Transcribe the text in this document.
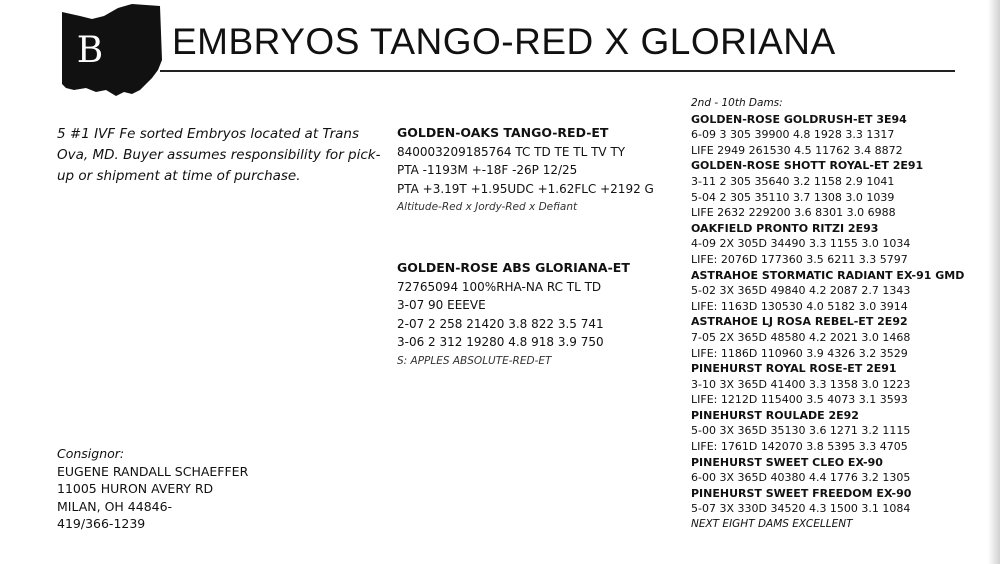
B	EMBRYOS TANGO-RED X GLORIANA
5 #1 IVF Fe sorted Embryos located at Trans Ova, MD. Buyer assumes responsibility for pick-up or shipment at time of purchase.
Consignor:
EUGENE RANDALL SCHAEFFER
11005 HURON AVERY RD
MILAN, OH 44846-
419/366-1239
GOLDEN-OAKS TANGO-RED-ET
840003209185764 TC TD TE TL TV TY
PTA -1193M +-18F -26P 12/25
PTA +3.19T +1.95UDC +1.62FLC +2192 G
Altitude-Red x Jordy-Red x Defiant
GOLDEN-ROSE ABS GLORIANA-ET
72765094 100%RHA-NA RC TL TD
3-07 90 EEEVE
2-07 2 258 21420 3.8 822 3.5 741
3-06 2 312 19280 4.8 918 3.9 750
S: APPLES ABSOLUTE-RED-ET
2nd - 10th Dams:
GOLDEN-ROSE GOLDRUSH-ET 3E94
6-09 3 305 39900 4.8 1928 3.3 1317
LIFE 2949 261530 4.5 11762 3.4 8872
GOLDEN-ROSE SHOTT ROYAL-ET 2E91
3-11 2 305 35640 3.2 1158 2.9 1041
5-04 2 305 35110 3.7 1308 3.0 1039
LIFE 2632 229200 3.6 8301 3.0 6988
OAKFIELD PRONTO RITZI 2E93
4-09 2X 305D 34490 3.3 1155 3.0 1034
LIFE: 2076D 177360 3.5 6211 3.3 5797
ASTRAHOE STORMATIC RADIANT EX-91 GMD
5-02 3X 365D 49840 4.2 2087 2.7 1343
LIFE: 1163D 130530 4.0 5182 3.0 3914
ASTRAHOE LJ ROSA REBEL-ET 2E92
7-05 2X 365D 48580 4.2 2021 3.0 1468
LIFE: 1186D 110960 3.9 4326 3.2 3529
PINEHURST ROYAL ROSE-ET 2E91
3-10 3X 365D 41400 3.3 1358 3.0 1223
LIFE: 1212D 115400 3.5 4073 3.1 3593
PINEHURST ROULADE 2E92
5-00 3X 365D 35130 3.6 1271 3.2 1115
LIFE: 1761D 142070 3.8 5395 3.3 4705
PINEHURST SWEET CLEO EX-90
6-00 3X 365D 40380 4.4 1776 3.2 1305
PINEHURST SWEET FREEDOM EX-90
5-07 3X 330D 34520 4.3 1500 3.1 1084
NEXT EIGHT DAMS EXCELLENT
